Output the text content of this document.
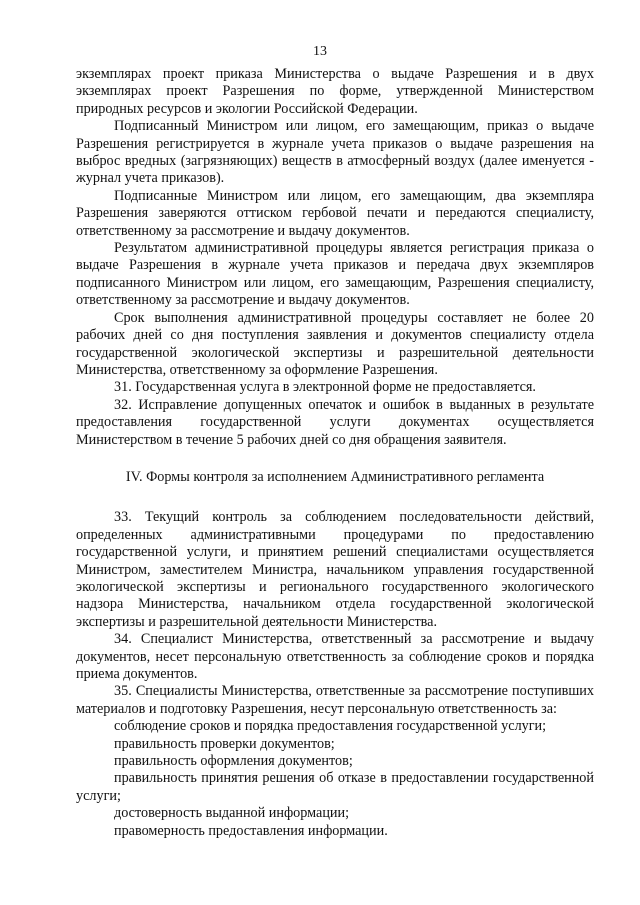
13

экземплярах проект приказа Министерства о выдаче Разрешения и в двух экземплярах проект Разрешения по форме, утвержденной Министерством природных ресурсов и экологии Российской Федерации.

Подписанный Министром или лицом, его замещающим, приказ о выдаче Разрешения регистрируется в журнале учета приказов о выдаче разрешения на выброс вредных (загрязняющих) веществ в атмосферный воздух (далее именуется - журнал учета приказов).

Подписанные Министром или лицом, его замещающим, два экземпляра Разрешения заверяются оттиском гербовой печати и передаются специалисту, ответственному за рассмотрение и выдачу документов.

Результатом административной процедуры является регистрация приказа о выдаче Разрешения в журнале учета приказов и передача двух экземпляров подписанного Министром или лицом, его замещающим, Разрешения специалисту, ответственному за рассмотрение и выдачу документов.

Срок выполнения административной процедуры составляет не более 20 рабочих дней со дня поступления заявления и документов специалисту отдела государственной экологической экспертизы и разрешительной деятельности Министерства, ответственному за оформление Разрешения.

31. Государственная услуга в электронной форме не предоставляется.

32. Исправление допущенных опечаток и ошибок в выданных в результате предоставления государственной услуги документах осуществляется Министерством в течение 5 рабочих дней со дня обращения заявителя.

IV. Формы контроля за исполнением Административного регламента

33. Текущий контроль за соблюдением последовательности действий, определенных административными процедурами по предоставлению государственной услуги, и принятием решений специалистами осуществляется Министром, заместителем Министра, начальником управления государственной экологической экспертизы и регионального государственного экологического надзора Министерства, начальником отдела государственной экологической экспертизы и разрешительной деятельности Министерства.

34. Специалист Министерства, ответственный за рассмотрение и выдачу документов, несет персональную ответственность за соблюдение сроков и порядка приема документов.

35. Специалисты Министерства, ответственные за рассмотрение поступивших материалов и подготовку Разрешения, несут персональную ответственность за:

соблюдение сроков и порядка предоставления государственной услуги;

правильность проверки документов;

правильность оформления документов;

правильность принятия решения об отказе в предоставлении государственной услуги;

достоверность выданной информации;

правомерность предоставления информации.
